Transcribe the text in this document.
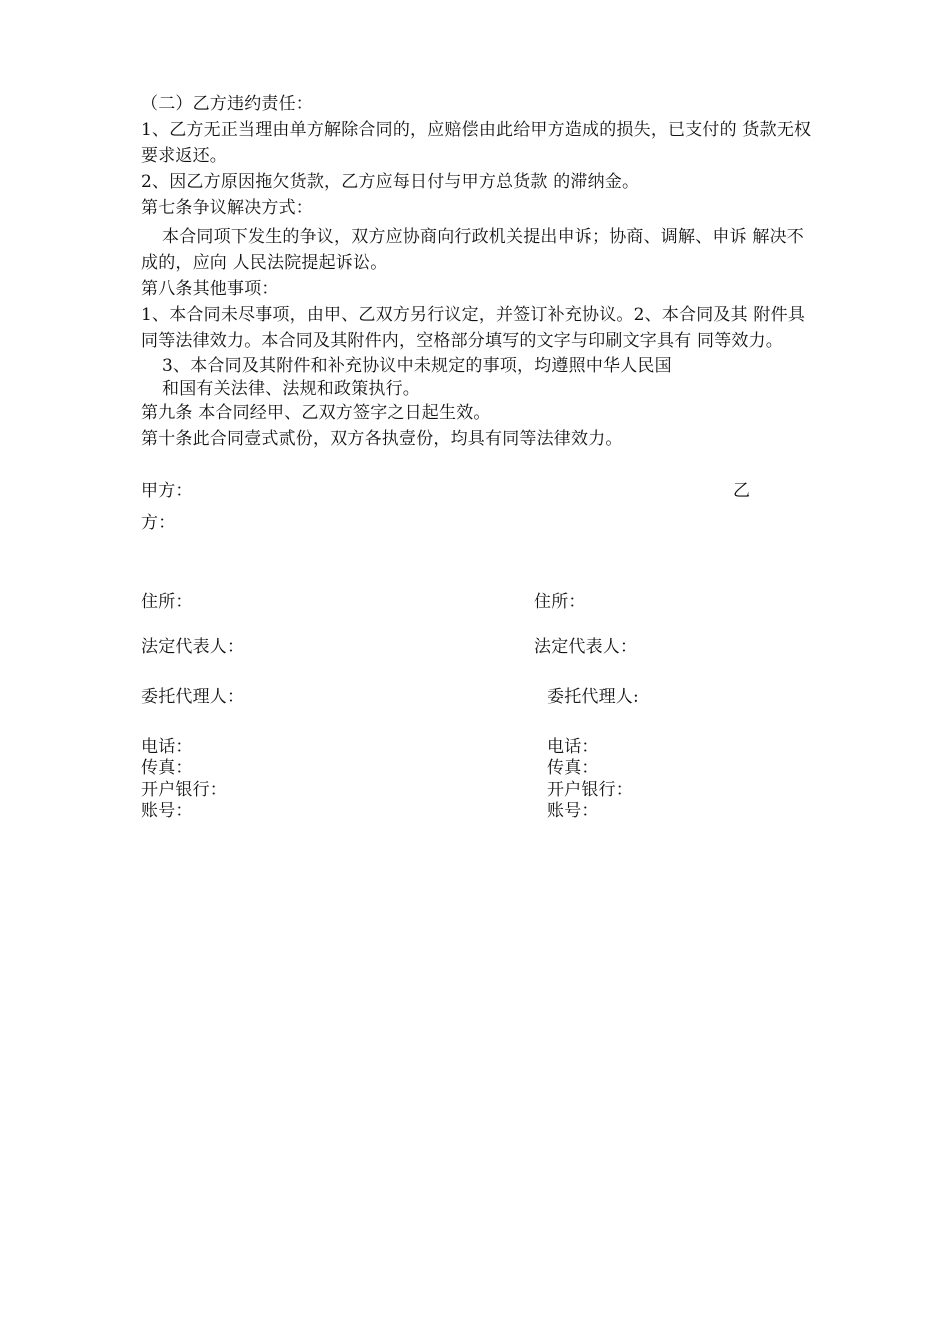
（二）乙方违约责任：
1、乙方无正当理由单方解除合同的，应赔偿由此给甲方造成的损失，已支付的 货款无权
要求返还。
2、因乙方原因拖欠货款，乙方应每日付与甲方总货款 的滞纳金。
第七条争议解决方式：
本合同项下发生的争议，双方应协商向行政机关提出申诉；协商、调解、申诉 解决不
成的，应向 人民法院提起诉讼。
第八条其他事项：
1、本合同未尽事项，由甲、乙双方另行议定，并签订补充协议。2、本合同及其 附件具
同等法律效力。本合同及其附件内，空格部分填写的文字与印刷文字具有 同等效力。
3、本合同及其附件和补充协议中未规定的事项，均遵照中华人民国
和国有关法律、法规和政策执行。
第九条 本合同经甲、乙双方签字之日起生效。
第十条此合同壹式贰份，双方各执壹份，均具有同等法律效力。
甲方：	乙
方：
住所：	住所：
法定代表人：	法定代表人：
委托代理人：	委托代理人:
电话：	电话：
传真：	传真：
开户银行：	开户银行：
账号：	账号：
